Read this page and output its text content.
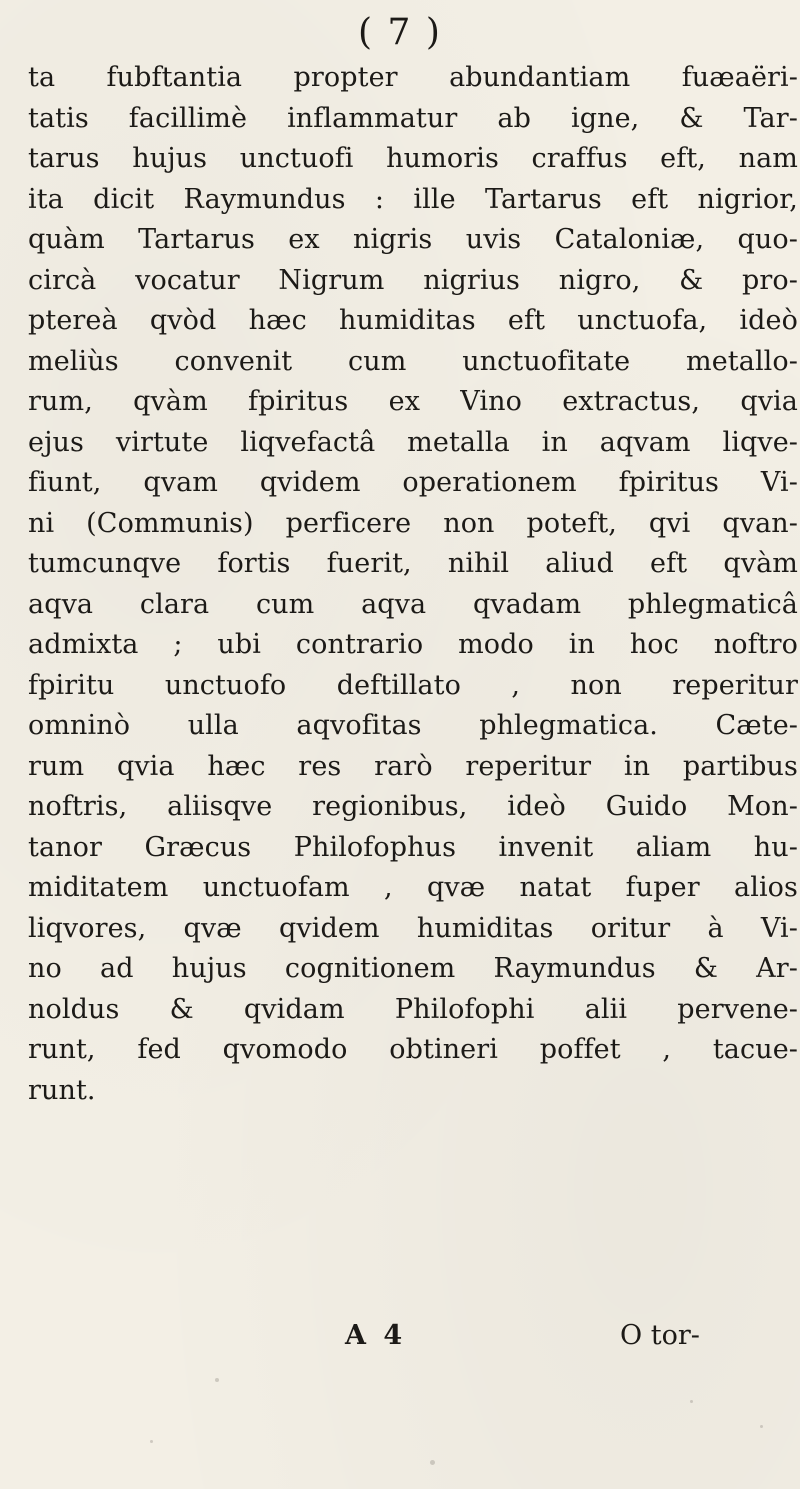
( 7 )
ta fubftantia propter abundantiam fuæaëri-
tatis facillimè inflammatur ab igne, & Tar-
tarus hujus unctuofi humoris craffus eft, nam
ita dicit Raymundus : ille Tartarus eft nigrior,
quàm Tartarus ex nigris uvis Cataloniæ, quo-
circà vocatur Nigrum nigrius nigro, & pro-
ptereà qvòd hæc humiditas eft unctuofa, ideò
meliùs convenit cum unctuofitate metallo-
rum, qvàm fpiritus ex Vino extractus, qvia
ejus virtute liqvefactâ metalla in aqvam liqve-
fiunt, qvam qvidem operationem fpiritus Vi-
ni (Communis) perficere non poteft, qvi qvan-
tumcunqve fortis fuerit, nihil aliud eft qvàm
aqva clara cum aqva qvadam phlegmaticâ
admixta ; ubi contrario modo in hoc noftro
fpiritu unctuofo deftillato , non reperitur
omninò ulla aqvofitas phlegmatica. Cæte-
rum qvia hæc res rarò reperitur in partibus
noftris, aliisqve regionibus, ideò Guido Mon-
tanor Græcus Philofophus invenit aliam hu-
miditatem unctuofam , qvæ natat fuper alios
liqvores, qvæ qvidem humiditas oritur à Vi-
no ad hujus cognitionem Raymundus & Ar-
noldus & qvidam Philofophi alii pervene-
runt, fed qvomodo obtineri poffet , tacue-
runt.
A 4	O tor-
